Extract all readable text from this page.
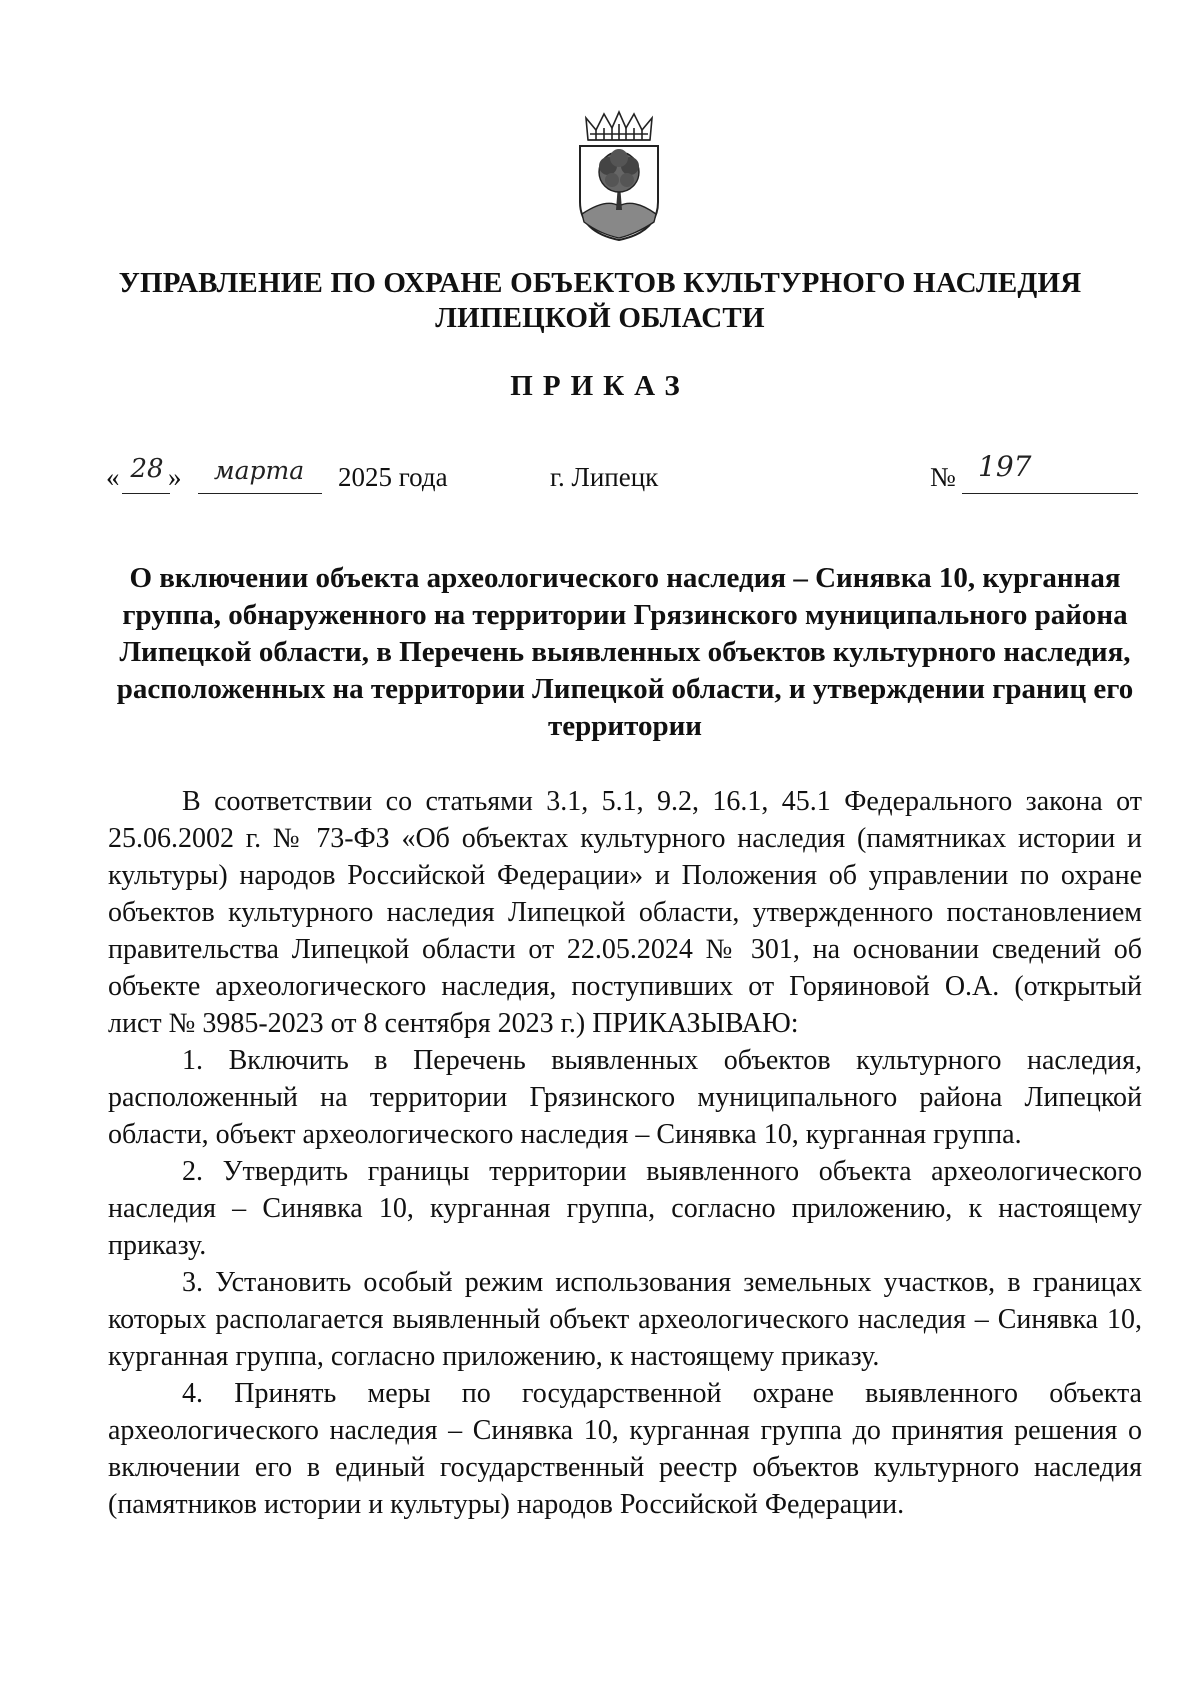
УПРАВЛЕНИЕ ПО ОХРАНЕ ОБЪЕКТОВ КУЛЬТУРНОГО НАСЛЕДИЯ
ЛИПЕЦКОЙ ОБЛАСТИ
ПРИКАЗ
« 28 »	марта	2025 года	г. Липецк	№ 197
О включении объекта археологического наследия – Синявка 10, курганная группа, обнаруженного на территории Грязинского муниципального района Липецкой области, в Перечень выявленных объектов культурного наследия, расположенных на территории Липецкой области, и утверждении границ его территории

В соответствии со статьями 3.1, 5.1, 9.2, 16.1, 45.1 Федерального закона от 25.06.2002 г. № 73-ФЗ «Об объектах культурного наследия (памятниках истории и культуры) народов Российской Федерации» и Положения об управлении по охране объектов культурного наследия Липецкой области, утвержденного постановлением правительства Липецкой области от 22.05.2024 № 301, на основании сведений об объекте археологического наследия, поступивших от Горяиновой О.А. (открытый лист № 3985-2023 от 8 сентября 2023 г.) ПРИКАЗЫВАЮ:

1. Включить в Перечень выявленных объектов культурного наследия, расположенный на территории Грязинского муниципального района Липецкой области, объект археологического наследия – Синявка 10, курганная группа.

2. Утвердить границы территории выявленного объекта археологического наследия – Синявка 10, курганная группа, согласно приложению, к настоящему приказу.

3. Установить особый режим использования земельных участков, в границах которых располагается выявленный объект археологического наследия – Синявка 10, курганная группа, согласно приложению, к настоящему приказу.

4. Принять меры по государственной охране выявленного объекта археологического наследия – Синявка 10, курганная группа до принятия решения о включении его в единый государственный реестр объектов культурного наследия (памятников истории и культуры) народов Российской Федерации.
